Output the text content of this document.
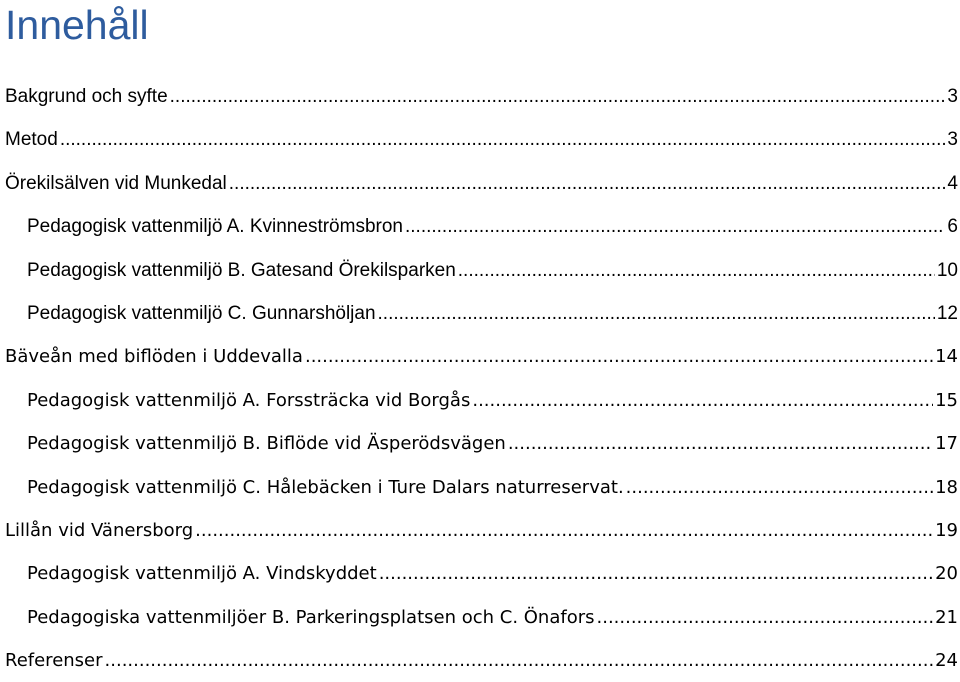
Innehåll
Bakgrund och syfte .....	3
Metod .....	3
Örekilsälven vid Munkedal .....	4
Pedagogisk vattenmiljö A. Kvinneströmsbron .....	6
Pedagogisk vattenmiljö B. Gatesand Örekilsparken .....	10
Pedagogisk vattenmiljö C. Gunnarshöljan .....	12
Bäveån med biflöden i Uddevalla .....	14
Pedagogisk vattenmiljö A. Forssträcka vid Borgås .....	15
Pedagogisk vattenmiljö B. Biflöde vid Äsperödsvägen .....	17
Pedagogisk vattenmiljö C. Hålebäcken i Ture Dalars naturreservat. .....	18
Lillån vid Vänersborg .....	19
Pedagogisk vattenmiljö A. Vindskyddet .....	20
Pedagogiska vattenmiljöer B. Parkeringsplatsen och C. Önafors .....	21
Referenser .....	24
